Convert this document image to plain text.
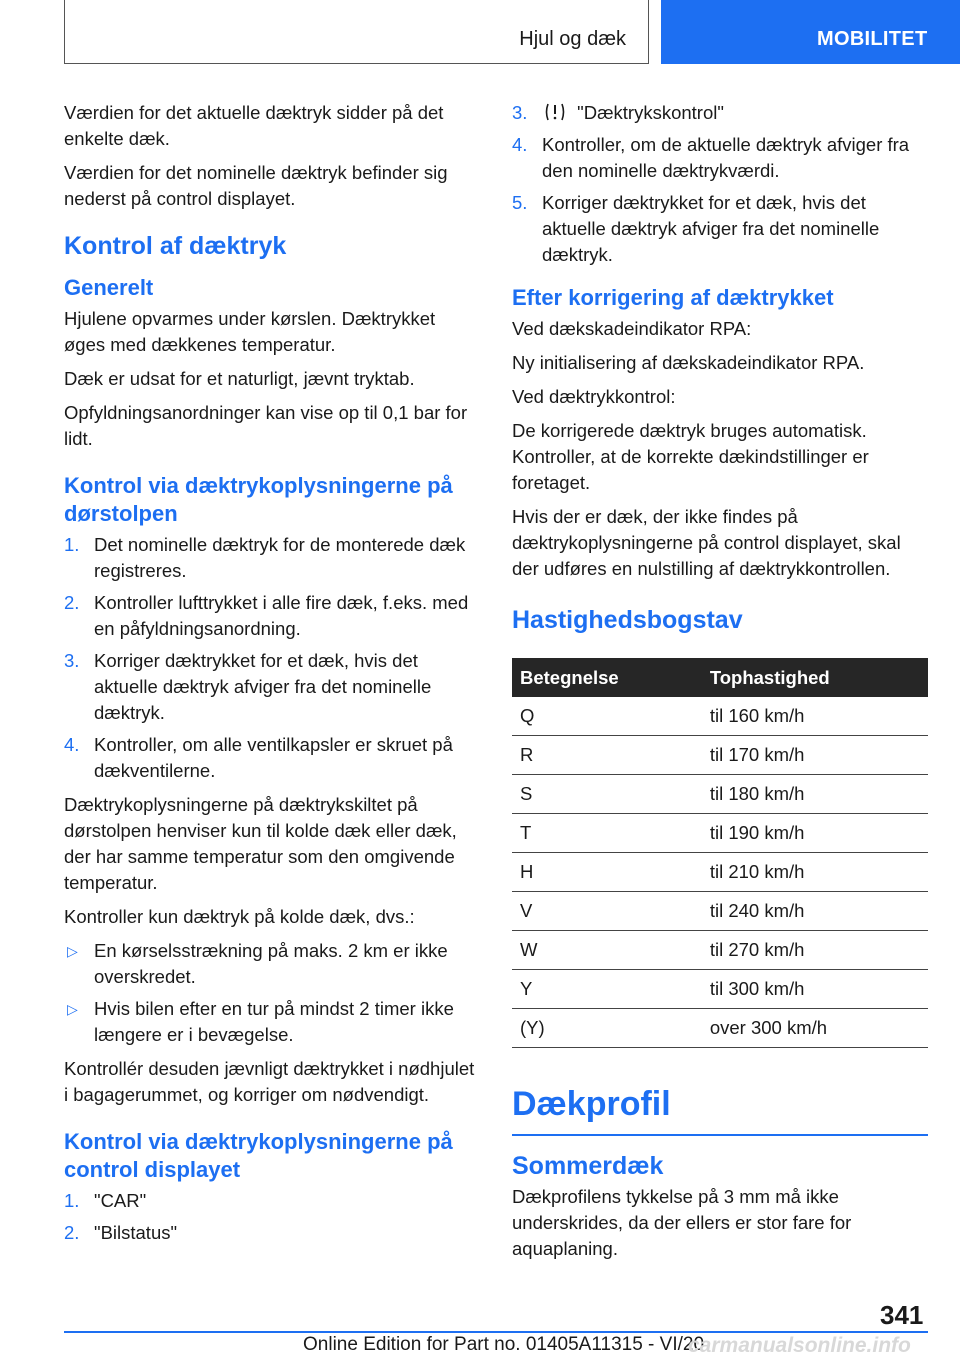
Hjul og dæk	MOBILITET

Værdien for det aktuelle dæktryk sidder på det enkelte dæk.

Værdien for det nominelle dæktryk befinder sig nederst på control displayet.

Kontrol af dæktryk
Generelt

Hjulene opvarmes under kørslen. Dæktrykket øges med dækkenes temperatur.

Dæk er udsat for et naturligt, jævnt tryktab.

Opfyldningsanordninger kan vise op til 0,1 bar for lidt.

Kontrol via dæktrykoplysningerne på dørstolpen
1. Det nominelle dæktryk for de monterede dæk registreres.
2. Kontroller lufttrykket i alle fire dæk, f.eks. med en påfyldningsanordning.
3. Korriger dæktrykket for et dæk, hvis det aktuelle dæktryk afviger fra det nominelle dæktryk.
4. Kontroller, om alle ventilkapsler er skruet på dækventilerne.

Dæktrykoplysningerne på dæktrykskiltet på dørstolpen henviser kun til kolde dæk eller dæk, der har samme temperatur som den omgivende temperatur.

Kontroller kun dæktryk på kolde dæk, dvs.:

▷ En kørselsstrækning på maks. 2 km er ikke overskredet.
▷ Hvis bilen efter en tur på mindst 2 timer ikke længere er i bevægelse.

Kontrollér desuden jævnligt dæktrykket i nødhjulet i bagagerummet, og korriger om nødvendigt.

Kontrol via dæktrykoplysningerne på control displayet
1. "CAR"
2. "Bilstatus"
3.	"Dæktrykskontrol"
4. Kontroller, om de aktuelle dæktryk afviger fra den nominelle dæktrykværdi.
5. Korriger dæktrykket for et dæk, hvis det aktuelle dæktryk afviger fra det nominelle dæktryk.
Efter korrigering af dæktrykket

Ved dækskadeindikator RPA:

Ny initialisering af dækskadeindikator RPA.

Ved dæktrykkontrol:

De korrigerede dæktryk bruges automatisk. Kontroller, at de korrekte dækindstillinger er foretaget.

Hvis der er dæk, der ikke findes på dæktrykoplysningerne på control displayet, skal der udføres en nulstilling af dæktrykkontrollen.

Hastighedsbogstav
Betegnelse	Tophastighed
Q	til 160 km/h
R	til 170 km/h
S	til 180 km/h
T	til 190 km/h
H	til 210 km/h
V	til 240 km/h
W	til 270 km/h
Y	til 300 km/h
(Y)	over 300 km/h
Dækprofil
Sommerdæk

Dækprofilens tykkelse på 3 mm må ikke underskrides, da der ellers er stor fare for aquaplaning.

341
Online Edition for Part no. 01405A11315 - VI/20
carmanualsonline.info
